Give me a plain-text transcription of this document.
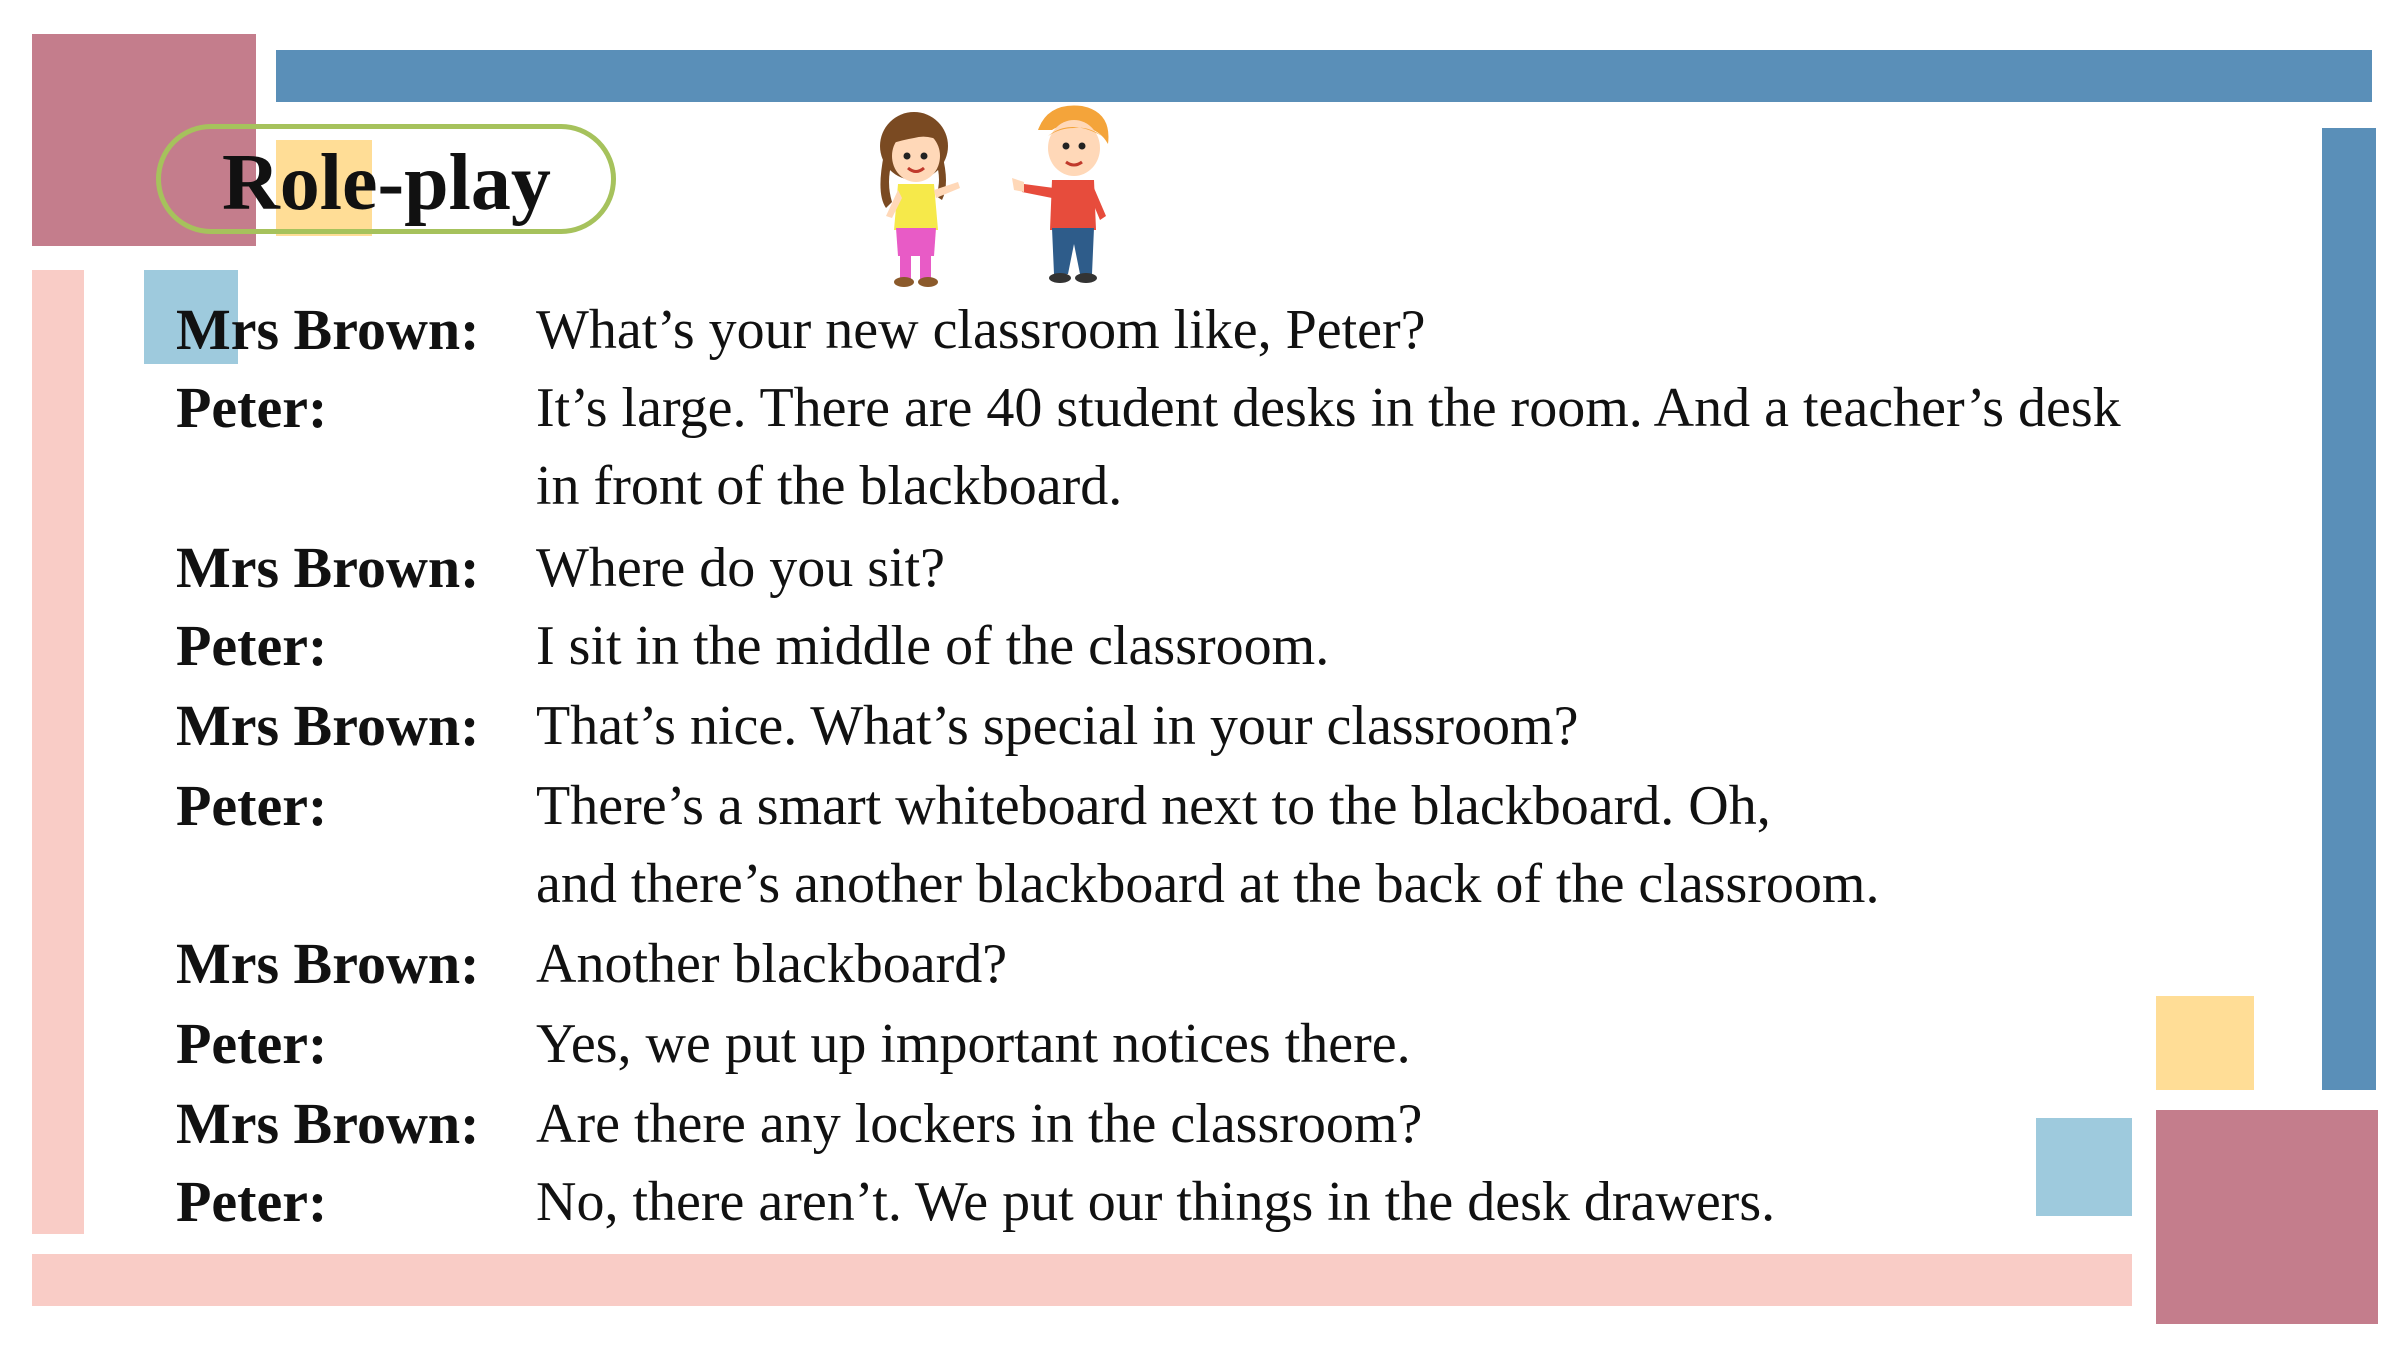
Role-play
Mrs Brown: What’s your new classroom like, Peter?
Peter:	It’s large. There are 40 student desks in the room. And a teacher’s desk
in front of the blackboard.
Mrs Brown: Where do you sit?
Peter:	I sit in the middle of the classroom.
Mrs Brown: That’s nice. What’s special in your classroom?
Peter:	There’s a smart whiteboard next to the blackboard. Oh,
and there’s another blackboard at the back of the classroom.
Mrs Brown: Another blackboard?
Peter:	Yes, we put up important notices there.
Mrs Brown: Are there any lockers in the classroom?
Peter:	No, there aren’t. We put our things in the desk drawers.
